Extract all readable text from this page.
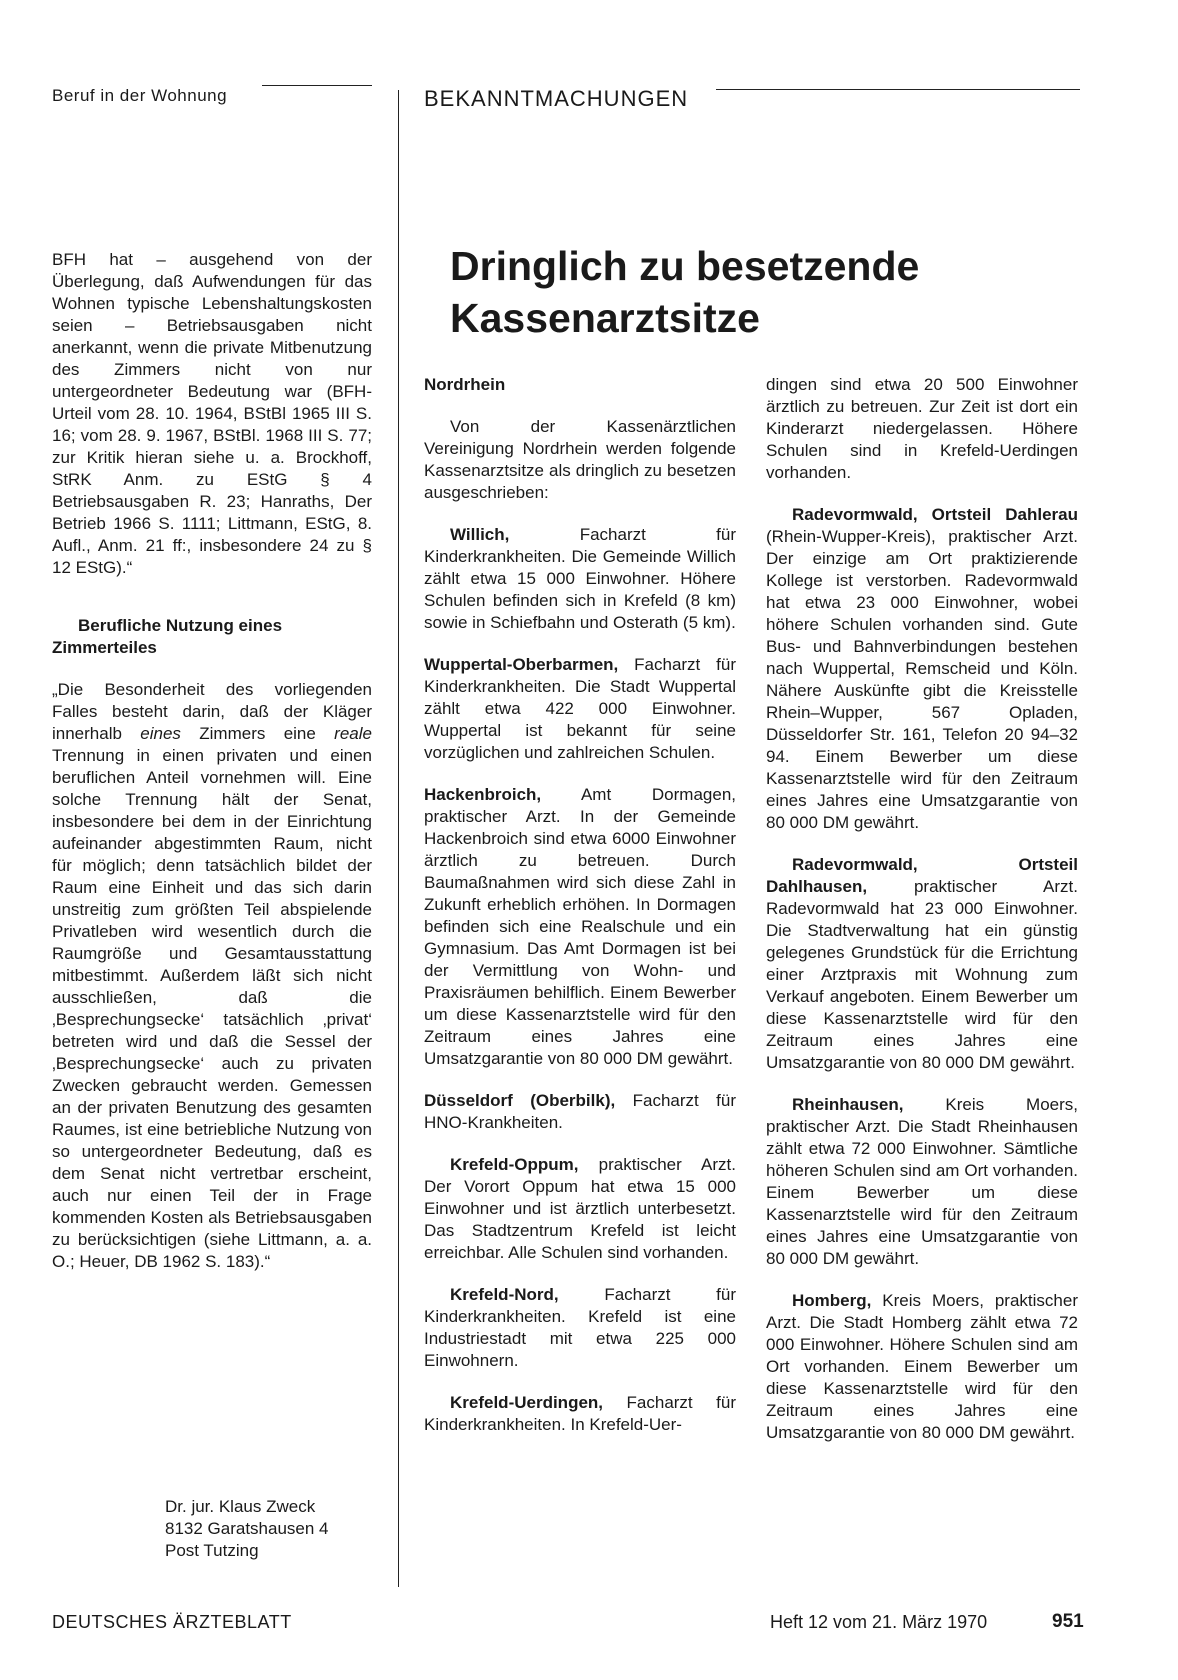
Beruf in der Wohnung	BEKANNTMACHUNGEN
Dringlich zu besetzende
Kassenarztsitze

BFH hat – ausgehend von der Überlegung, daß Aufwendungen für das Wohnen typische Lebenshaltungskosten seien – Betriebsausgaben nicht anerkannt, wenn die private Mitbenutzung des Zimmers nicht von nur untergeordneter Bedeutung war (BFH-Urteil vom 28. 10. 1964, BStBl 1965 III S. 16; vom 28. 9. 1967, BStBl. 1968 III S. 77; zur Kritik hieran siehe u. a. Brockhoff, StRK Anm. zu EStG § 4 Betriebsausgaben R. 23; Hanraths, Der Betrieb 1966 S. 1111; Littmann, EStG, 8. Aufl., Anm. 21 ff:, insbesondere 24 zu § 12 EStG).“

Berufliche Nutzung eines Zimmerteiles

„Die Besonderheit des vorliegenden Falles besteht darin, daß der Kläger innerhalb eines Zimmers eine reale Trennung in einen privaten und einen beruflichen Anteil vornehmen will. Eine solche Trennung hält der Senat, insbesondere bei dem in der Einrichtung aufeinander abgestimmten Raum, nicht für möglich; denn tatsächlich bildet der Raum eine Einheit und das sich darin unstreitig zum größten Teil abspielende Privatleben wird wesentlich durch die Raumgröße und Gesamtausstattung mitbestimmt. Außerdem läßt sich nicht ausschließen, daß die ‚Besprechungsecke‘ tatsächlich ‚privat‘ betreten wird und daß die Sessel der ‚Besprechungsecke‘ auch zu privaten Zwecken gebraucht werden. Gemessen an der privaten Benutzung des gesamten Raumes, ist eine betriebliche Nutzung von so untergeordneter Bedeutung, daß es dem Senat nicht vertretbar erscheint, auch nur einen Teil der in Frage kommenden Kosten als Betriebsausgaben zu berücksichtigen (siehe Littmann, a. a. O.; Heuer, DB 1962 S. 183).“

Dr. jur. Klaus Zweck
8132 Garatshausen 4
Post Tutzing

Nordrhein

Von der Kassenärztlichen Vereinigung Nordrhein werden folgende Kassenarztsitze als dringlich zu besetzen ausgeschrieben:

Willich, Facharzt für Kinderkrankheiten. Die Gemeinde Willich zählt etwa 15 000 Einwohner. Höhere Schulen befinden sich in Krefeld (8 km) sowie in Schiefbahn und Osterath (5 km).

Wuppertal-Oberbarmen, Facharzt für Kinderkrankheiten. Die Stadt Wuppertal zählt etwa 422 000 Einwohner. Wuppertal ist bekannt für seine vorzüglichen und zahlreichen Schulen.

Hackenbroich, Amt Dormagen, praktischer Arzt. In der Gemeinde Hackenbroich sind etwa 6000 Einwohner ärztlich zu betreuen. Durch Baumaßnahmen wird sich diese Zahl in Zukunft erheblich erhöhen. In Dormagen befinden sich eine Realschule und ein Gymnasium. Das Amt Dormagen ist bei der Vermittlung von Wohn- und Praxisräumen behilflich. Einem Bewerber um diese Kassenarztstelle wird für den Zeitraum eines Jahres eine Umsatzgarantie von 80 000 DM gewährt.

Düsseldorf (Oberbilk), Facharzt für HNO-Krankheiten.

Krefeld-Oppum, praktischer Arzt. Der Vorort Oppum hat etwa 15 000 Einwohner und ist ärztlich unterbesetzt. Das Stadtzentrum Krefeld ist leicht erreichbar. Alle Schulen sind vorhanden.

Krefeld-Nord, Facharzt für Kinderkrankheiten. Krefeld ist eine Industriestadt mit etwa 225 000 Einwohnern.

Krefeld-Uerdingen, Facharzt für Kinderkrankheiten. In Krefeld-Uer-

dingen sind etwa 20 500 Einwohner ärztlich zu betreuen. Zur Zeit ist dort ein Kinderarzt niedergelassen. Höhere Schulen sind in Krefeld-Uerdingen vorhanden.

Radevormwald, Ortsteil Dahlerau (Rhein-Wupper-Kreis), praktischer Arzt. Der einzige am Ort praktizierende Kollege ist verstorben. Radevormwald hat etwa 23 000 Einwohner, wobei höhere Schulen vorhanden sind. Gute Bus- und Bahnverbindungen bestehen nach Wuppertal, Remscheid und Köln. Nähere Auskünfte gibt die Kreisstelle Rhein–Wupper, 567 Opladen, Düsseldorfer Str. 161, Telefon 20 94–32 94. Einem Bewerber um diese Kassenarztstelle wird für den Zeitraum eines Jahres eine Umsatzgarantie von 80 000 DM gewährt.

Radevormwald, Ortsteil Dahlhausen, praktischer Arzt. Radevormwald hat 23 000 Einwohner. Die Stadtverwaltung hat ein günstig gelegenes Grundstück für die Errichtung einer Arztpraxis mit Wohnung zum Verkauf angeboten. Einem Bewerber um diese Kassenarztstelle wird für den Zeitraum eines Jahres eine Umsatzgarantie von 80 000 DM gewährt.

Rheinhausen, Kreis Moers, praktischer Arzt. Die Stadt Rheinhausen zählt etwa 72 000 Einwohner. Sämtliche höheren Schulen sind am Ort vorhanden. Einem Bewerber um diese Kassenarztstelle wird für den Zeitraum eines Jahres eine Umsatzgarantie von 80 000 DM gewährt.

Homberg, Kreis Moers, praktischer Arzt. Die Stadt Homberg zählt etwa 72 000 Einwohner. Höhere Schulen sind am Ort vorhanden. Einem Bewerber um diese Kassenarztstelle wird für den Zeitraum eines Jahres eine Umsatzgarantie von 80 000 DM gewährt.

DEUTSCHES ÄRZTEBLATT	Heft 12 vom 21. März 1970	951
